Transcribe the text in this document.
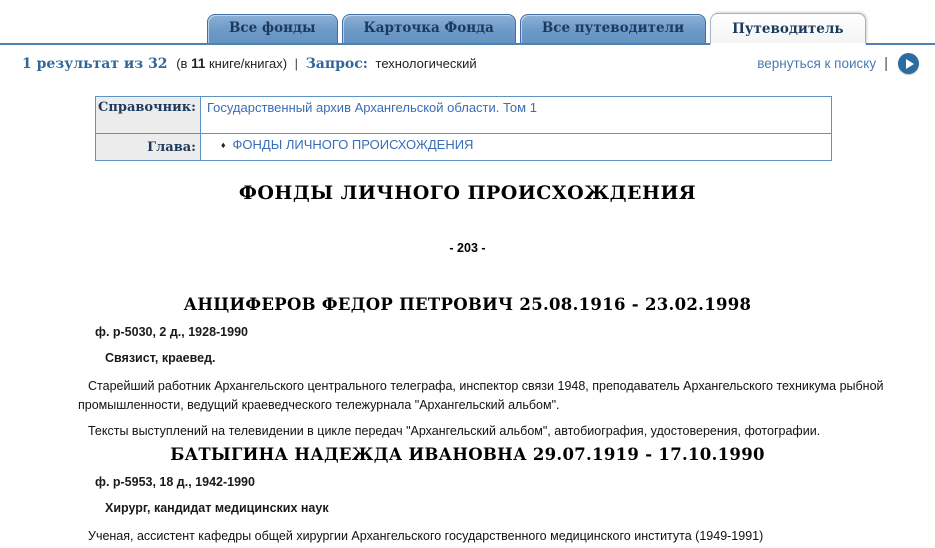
Все фонды	Карточка Фонда	Все путеводители	Путеводитель
1 результат из 32 (в 11 книге/книгах) | Запрос: технологический	вернуться к поиску |
Справочник:	Государственный архив Архангельской области. Том 1
Глава:	♦ ФОНДЫ ЛИЧНОГО ПРОИСХОЖДЕНИЯ
ФОНДЫ ЛИЧНОГО ПРОИСХОЖДЕНИЯ
- 203 -
АНЦИФЕРОВ ФЕДОР ПЕТРОВИЧ 25.08.1916 - 23.02.1998
ф. р-5030, 2 д., 1928-1990
Связист, краевед.
Старейший работник Архангельского центрального телеграфа, инспектор связи 1948, преподаватель Архангельского техникума рыбной промышленности, ведущий краеведческого тележурнала "Архангельский альбом".
Тексты выступлений на телевидении в цикле передач "Архангельский альбом", автобиография, удостоверения, фотографии.
БАТЫГИНА НАДЕЖДА ИВАНОВНА 29.07.1919 - 17.10.1990
ф. р-5953, 18 д., 1942-1990
Хирург, кандидат медицинских наук
Ученая, ассистент кафедры общей хирургии Архангельского государственного медицинского института (1949-1991)
